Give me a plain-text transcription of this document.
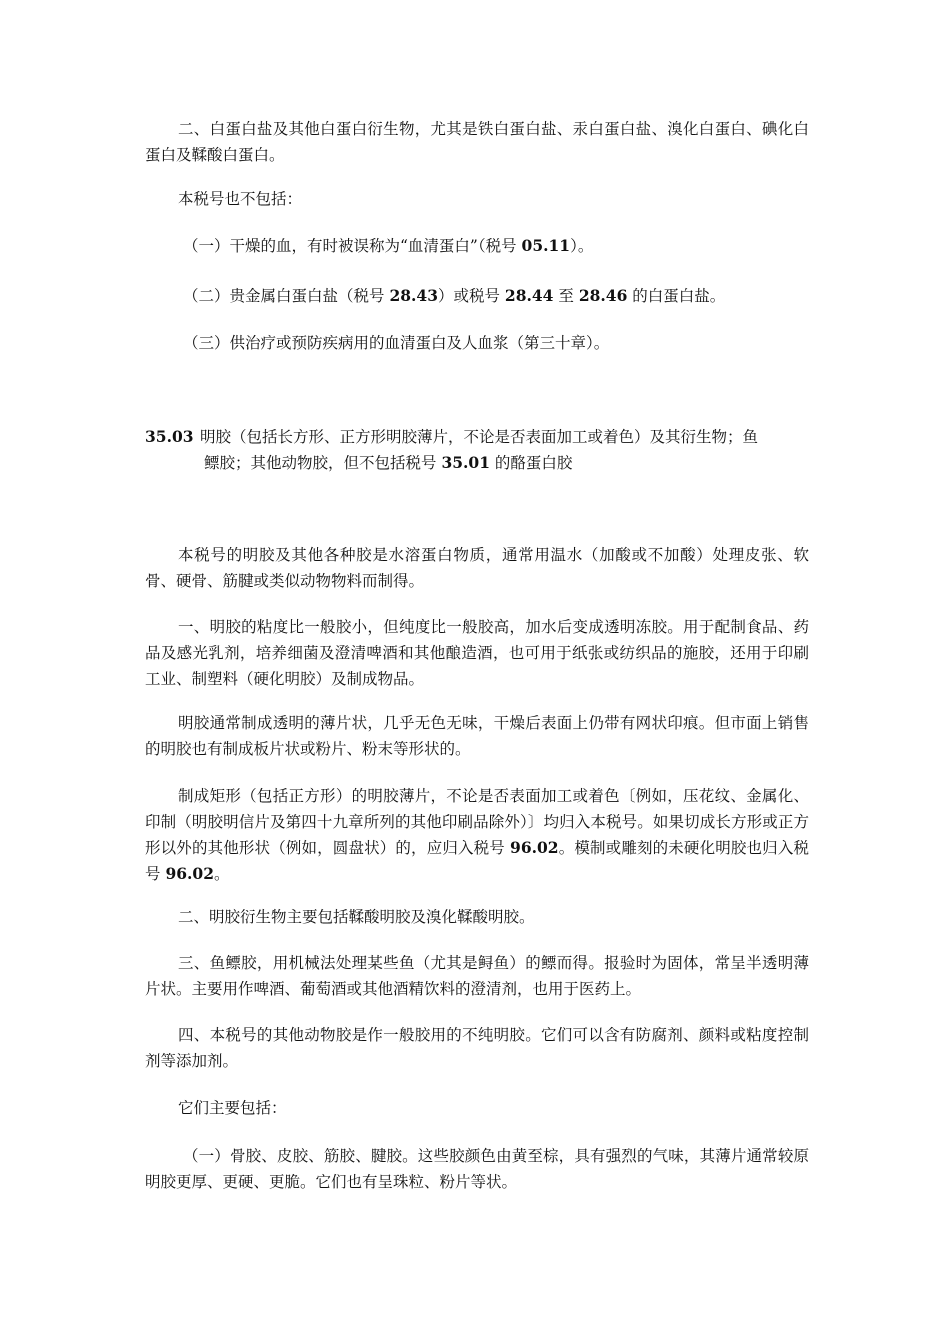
二、白蛋白盐及其他白蛋白衍生物，尤其是铁白蛋白盐、汞白蛋白盐、溴化白蛋白、碘化白蛋白及鞣酸白蛋白。

本税号也不包括：

（一）干燥的血，有时被误称为“血清蛋白”（税号 05.11）。

（二）贵金属白蛋白盐（税号 28.43）或税号 28.44 至 28.46 的白蛋白盐。

（三）供治疗或预防疾病用的血清蛋白及人血浆（第三十章）。

35.03 明胶（包括长方形、正方形明胶薄片，不论是否表面加工或着色）及其衍生物；鱼
鳔胶；其他动物胶，但不包括税号 35.01 的酪蛋白胶

本税号的明胶及其他各种胶是水溶蛋白物质，通常用温水（加酸或不加酸）处理皮张、软骨、硬骨、筋腱或类似动物物料而制得。

一、明胶的粘度比一般胶小，但纯度比一般胶高，加水后变成透明冻胶。用于配制食品、药品及感光乳剂，培养细菌及澄清啤酒和其他酿造酒，也可用于纸张或纺织品的施胶，还用于印刷工业、制塑料（硬化明胶）及制成物品。

明胶通常制成透明的薄片状，几乎无色无味，干燥后表面上仍带有网状印痕。但市面上销售的明胶也有制成板片状或粉片、粉末等形状的。

制成矩形（包括正方形）的明胶薄片，不论是否表面加工或着色〔例如，压花纹、金属化、印制（明胶明信片及第四十九章所列的其他印刷品除外）〕均归入本税号。如果切成长方形或正方形以外的其他形状（例如，圆盘状）的，应归入税号 96.02。模制或雕刻的未硬化明胶也归入税号 96.02。

二、明胶衍生物主要包括鞣酸明胶及溴化鞣酸明胶。

三、鱼鳔胶，用机械法处理某些鱼（尤其是鲟鱼）的鳔而得。报验时为固体，常呈半透明薄片状。主要用作啤酒、葡萄酒或其他酒精饮料的澄清剂，也用于医药上。

四、本税号的其他动物胶是作一般胶用的不纯明胶。它们可以含有防腐剂、颜料或粘度控制剂等添加剂。

它们主要包括：

（一）骨胶、皮胶、筋胶、腱胶。这些胶颜色由黄至棕，具有强烈的气味，其薄片通常较原明胶更厚、更硬、更脆。它们也有呈珠粒、粉片等状。
